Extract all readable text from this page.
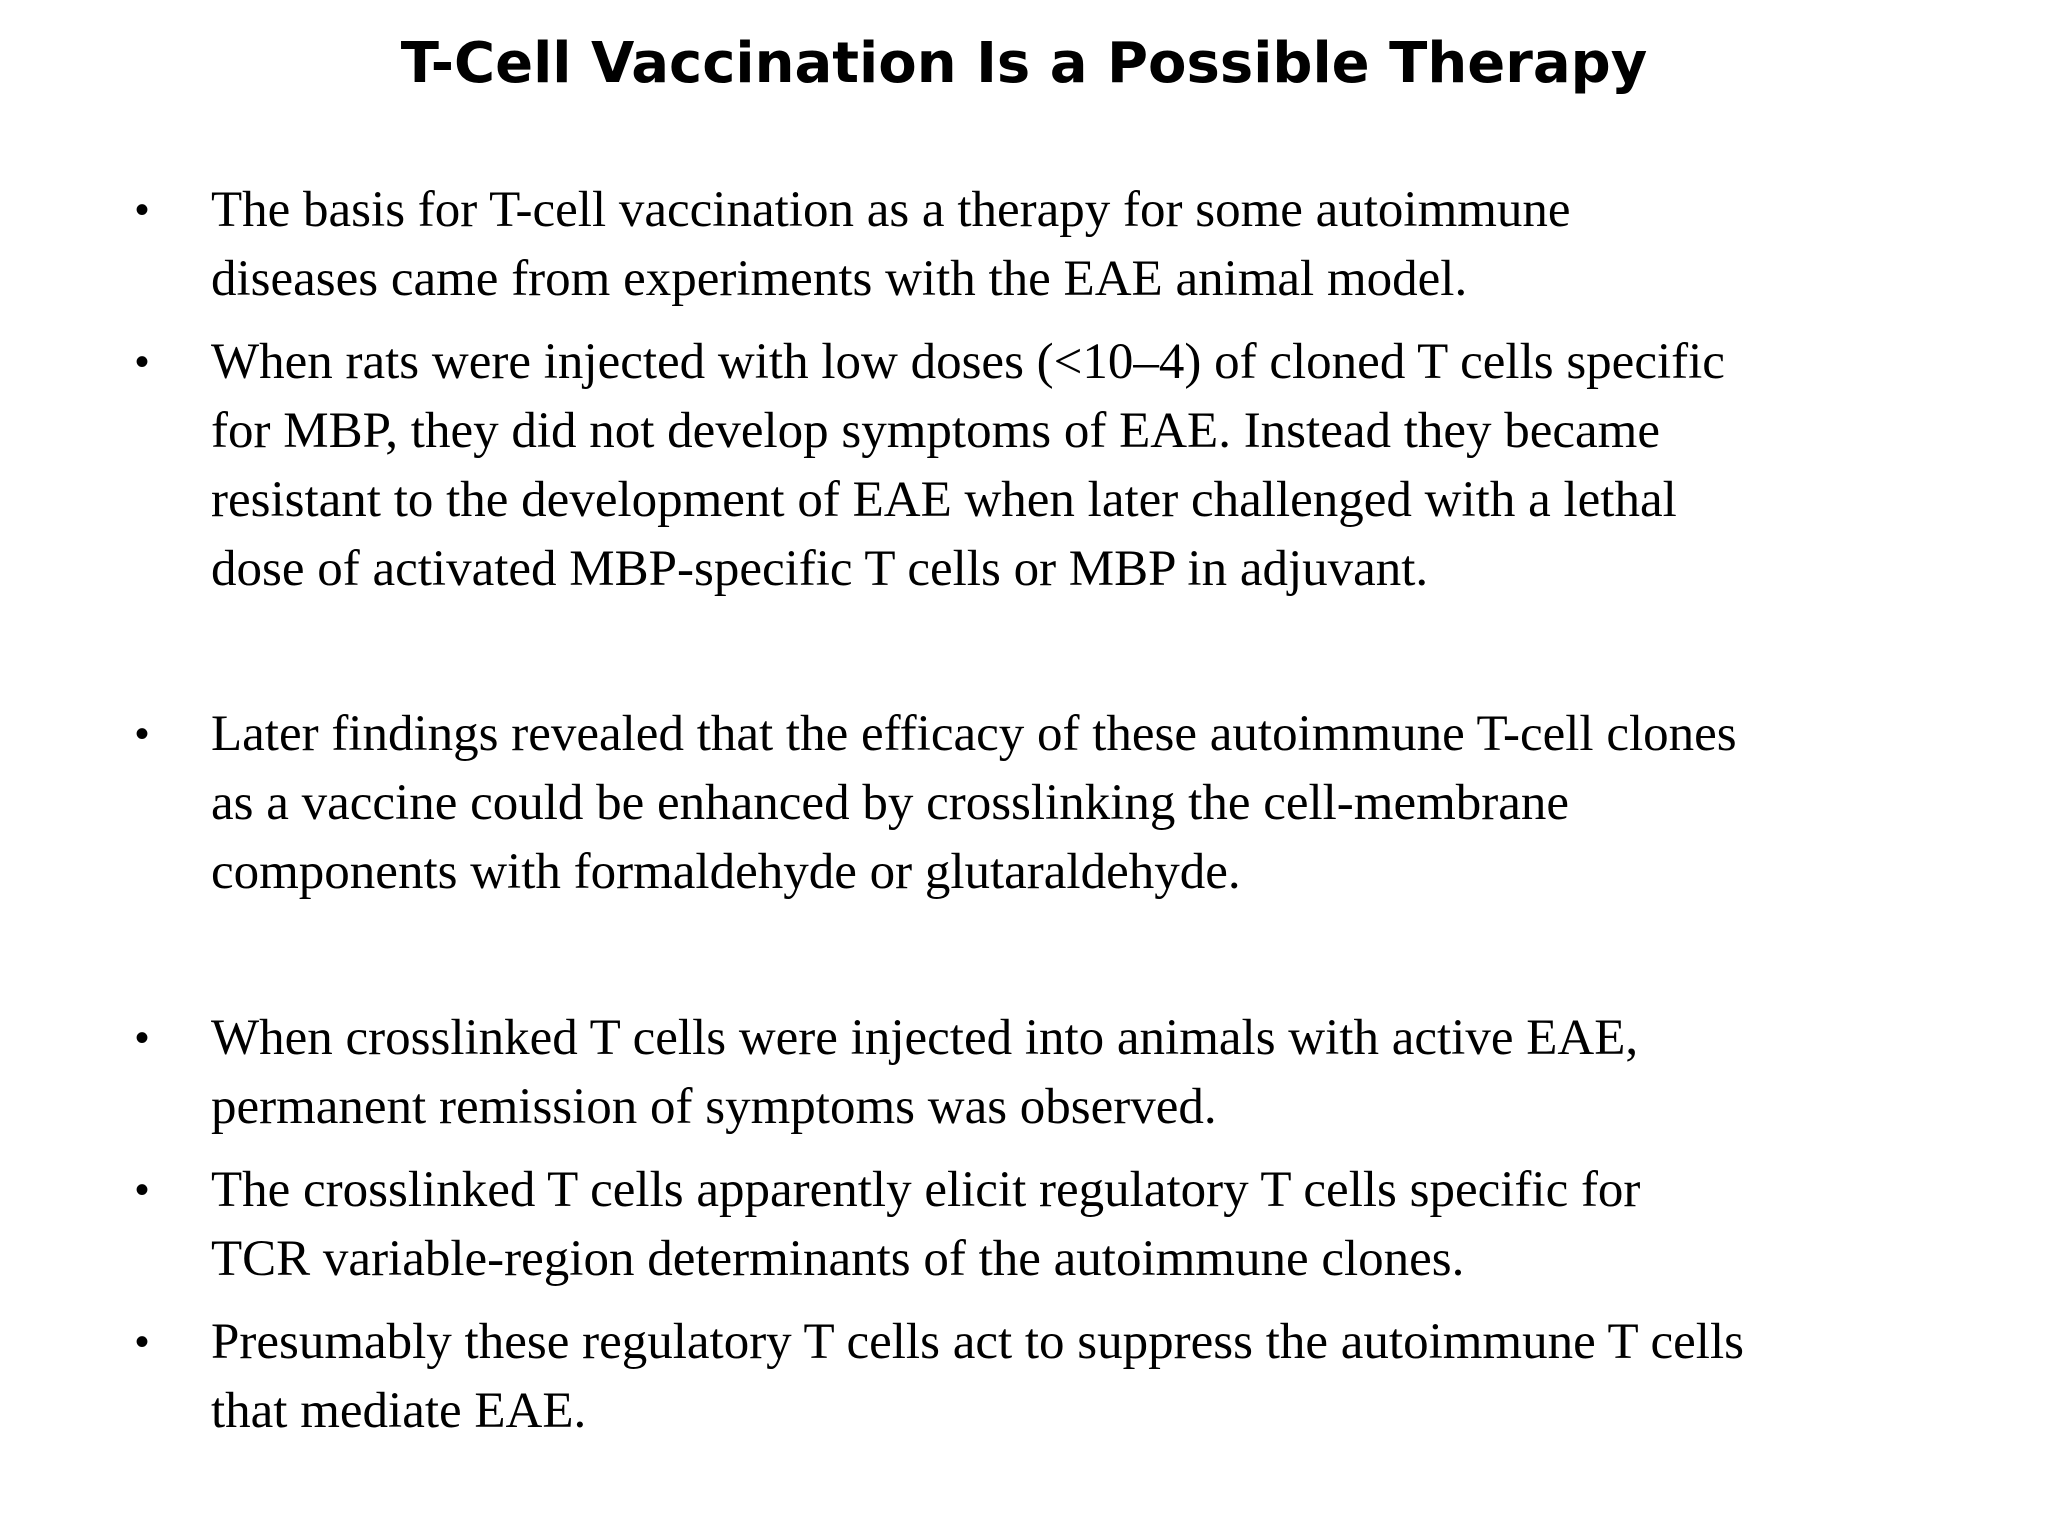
T-Cell Vaccination Is a Possible Therapy
•	The basis for T-cell vaccination as a therapy for some autoimmune
diseases came from experiments with the EAE animal model.
•	When rats were injected with low doses (<10–4) of cloned T cells specific
for MBP, they did not develop symptoms of EAE. Instead they became
resistant to the development of EAE when later challenged with a lethal
dose of activated MBP-specific T cells or MBP in adjuvant.
•	Later findings revealed that the efficacy of these autoimmune T-cell clones
as a vaccine could be enhanced by crosslinking the cell-membrane
components with formaldehyde or glutaraldehyde.
•	When crosslinked T cells were injected into animals with active EAE,
permanent remission of symptoms was observed.
•	The crosslinked T cells apparently elicit regulatory T cells specific for
TCR variable-region determinants of the autoimmune clones.
•	Presumably these regulatory T cells act to suppress the autoimmune T cells
that mediate EAE.
